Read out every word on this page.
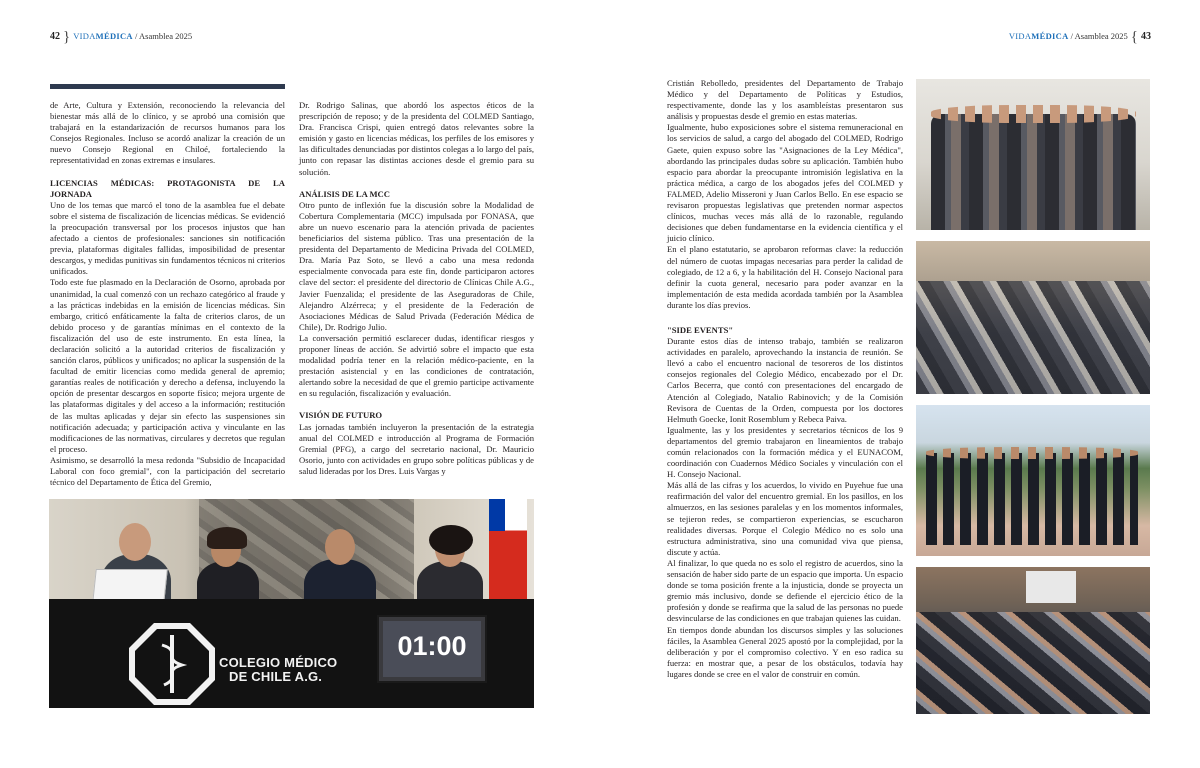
42 } VIDAMÉDICA / Asamblea 2025	VIDAMÉDICA / Asamblea 2025 { 43

de Arte, Cultura y Extensión, reconociendo la relevancia del bienestar más allá de lo clínico, y se aprobó una comisión que trabajará en la estandarización de recursos humanos para los Consejos Regionales. Incluso se acordó analizar la creación de un nuevo Consejo Regional en Chiloé, fortaleciendo la representatividad en zonas extremas e insulares.

LICENCIAS MÉDICAS: PROTAGONISTA DE LA JORNADA

Uno de los temas que marcó el tono de la asamblea fue el debate sobre el sistema de fiscalización de licencias médicas. Se evidenció la preocupación transversal por los procesos injustos que han afectado a cientos de profesionales: sanciones sin notificación previa, plataformas digitales fallidas, imposibilidad de presentar descargos, y medidas punitivas sin fundamentos técnicos ni criterios unificados.

Todo este fue plasmado en la Declaración de Osorno, aprobada por unanimidad, la cual comenzó con un rechazo categórico al fraude y a las prácticas indebidas en la emisión de licencias médicas. Sin embargo, criticó enfáticamente la falta de criterios claros, de un debido proceso y de garantías mínimas en el contexto de la fiscalización del uso de este instrumento. En esta línea, la declaración solicitó a la autoridad criterios de fiscalización y sanción claros, públicos y unificados; no aplicar la suspensión de la facultad de emitir licencias como medida general de apremio; garantías reales de notificación y derecho a defensa, incluyendo la opción de presentar descargos en soporte físico; mejora urgente de las plataformas digitales y del acceso a la información; restitución de las multas aplicadas y dejar sin efecto las suspensiones sin notificación adecuada; y participación activa y vinculante en las modificaciones de las normativas, circulares y decretos que regulan el proceso.

Asimismo, se desarrolló la mesa redonda "Subsidio de Incapacidad Laboral con foco gremial", con la participación del secretario técnico del Departamento de Ética del Gremio,

Dr. Rodrigo Salinas, que abordó los aspectos éticos de la prescripción de reposo; y de la presidenta del COLMED Santiago, Dra. Francisca Crispi, quien entregó datos relevantes sobre la emisión y gasto en licencias médicas, los perfiles de los emisores y las dificultades denunciadas por distintos colegas a lo largo del país, junto con repasar las distintas acciones desde el gremio para su solución.

ANÁLISIS DE LA MCC

Otro punto de inflexión fue la discusión sobre la Modalidad de Cobertura Complementaria (MCC) impulsada por FONASA, que abre un nuevo escenario para la atención privada de pacientes beneficiarios del sistema público. Tras una presentación de la presidenta del Departamento de Medicina Privada del COLMED, Dra. María Paz Soto, se llevó a cabo una mesa redonda especialmente convocada para este fin, donde participaron actores clave del sector: el presidente del directorio de Clínicas Chile A.G., Javier Fuenzalida; el presidente de las Aseguradoras de Chile, Alejandro Alzérreca; y el presidente de la Federación de Asociaciones Médicas de Salud Privada (Federación Médica de Chile), Dr. Rodrigo Julio.

La conversación permitió esclarecer dudas, identificar riesgos y proponer líneas de acción. Se advirtió sobre el impacto que esta modalidad podría tener en la relación médico-paciente, en la prestación asistencial y en las condiciones de contratación, alertando sobre la necesidad de que el gremio participe activamente en su regulación, fiscalización y evaluación.

VISIÓN DE FUTURO

Las jornadas también incluyeron la presentación de la estrategia anual del COLMED e introducción al Programa de Formación Gremial (PFG), a cargo del secretario nacional, Dr. Mauricio Osorio, junto con actividades en grupo sobre políticas públicas y de salud lideradas por los Dres. Luis Vargas y

Cristián Rebolledo, presidentes del Departamento de Trabajo Médico y del Departamento de Políticas y Estudios, respectivamente, donde las y los asambleístas presentaron sus análisis y propuestas desde el gremio en estas materias.

Igualmente, hubo exposiciones sobre el sistema remuneracional en los servicios de salud, a cargo del abogado del COLMED, Rodrigo Gaete, quien expuso sobre las "Asignaciones de la Ley Médica", abordando las principales dudas sobre su aplicación. También hubo espacio para abordar la preocupante intromisión legislativa en la práctica médica, a cargo de los abogados jefes del COLMED y FALMED, Adelio Misseroni y Juan Carlos Bello. En ese espacio se revisaron propuestas legislativas que pretenden normar aspectos clínicos, muchas veces más allá de lo razonable, regulando decisiones que deben fundamentarse en la evidencia científica y el juicio clínico.

En el plano estatutario, se aprobaron reformas clave: la reducción del número de cuotas impagas necesarias para perder la calidad de colegiado, de 12 a 6, y la habilitación del H. Consejo Nacional para definir la cuota general, necesario para poder avanzar en la implementación de esta medida acordada también por la Asamblea durante los días previos.

"SIDE EVENTS"

Durante estos días de intenso trabajo, también se realizaron actividades en paralelo, aprovechando la instancia de reunión. Se llevó a cabo el encuentro nacional de tesoreros de los distintos consejos regionales del Colegio Médico, encabezado por el Dr. Carlos Becerra, que contó con presentaciones del encargado de Atención al Colegiado, Natalio Rabinovich; y de la Comisión Revisora de Cuentas de la Orden, compuesta por los doctores Helmuth Goecke, Ionit Rosemblum y Rebeca Paiva.

Igualmente, las y los presidentes y secretarios técnicos de los 9 departamentos del gremio trabajaron en lineamientos de trabajo común relacionados con la formación médica y el EUNACOM, coordinación con Cuadernos Médico Sociales y vinculación con el H. Consejo Nacional.

Más allá de las cifras y los acuerdos, lo vivido en Puyehue fue una reafirmación del valor del encuentro gremial. En los pasillos, en los almuerzos, en las sesiones paralelas y en los momentos informales, se tejieron redes, se compartieron experiencias, se escucharon realidades diversas. Porque el Colegio Médico no es solo una estructura administrativa, sino una comunidad viva que piensa, discute y actúa.

Al finalizar, lo que queda no es solo el registro de acuerdos, sino la sensación de haber sido parte de un espacio que importa. Un espacio donde se toma posición frente a la injusticia, donde se proyecta un gremio más inclusivo, donde se defiende el ejercicio ético de la profesión y donde se reafirma que la salud de las personas no puede desvincularse de las condiciones en que trabajan quienes las cuidan.

En tiempos donde abundan los discursos simples y las soluciones fáciles, la Asamblea General 2025 apostó por la complejidad, por la deliberación y por el compromiso colectivo. Y en eso radica su fuerza: en mostrar que, a pesar de los obstáculos, todavía hay lugares donde se cree en el valor de construir en común.

COLEGIO MÉDICO
DE CHILE A.G.
01:00
